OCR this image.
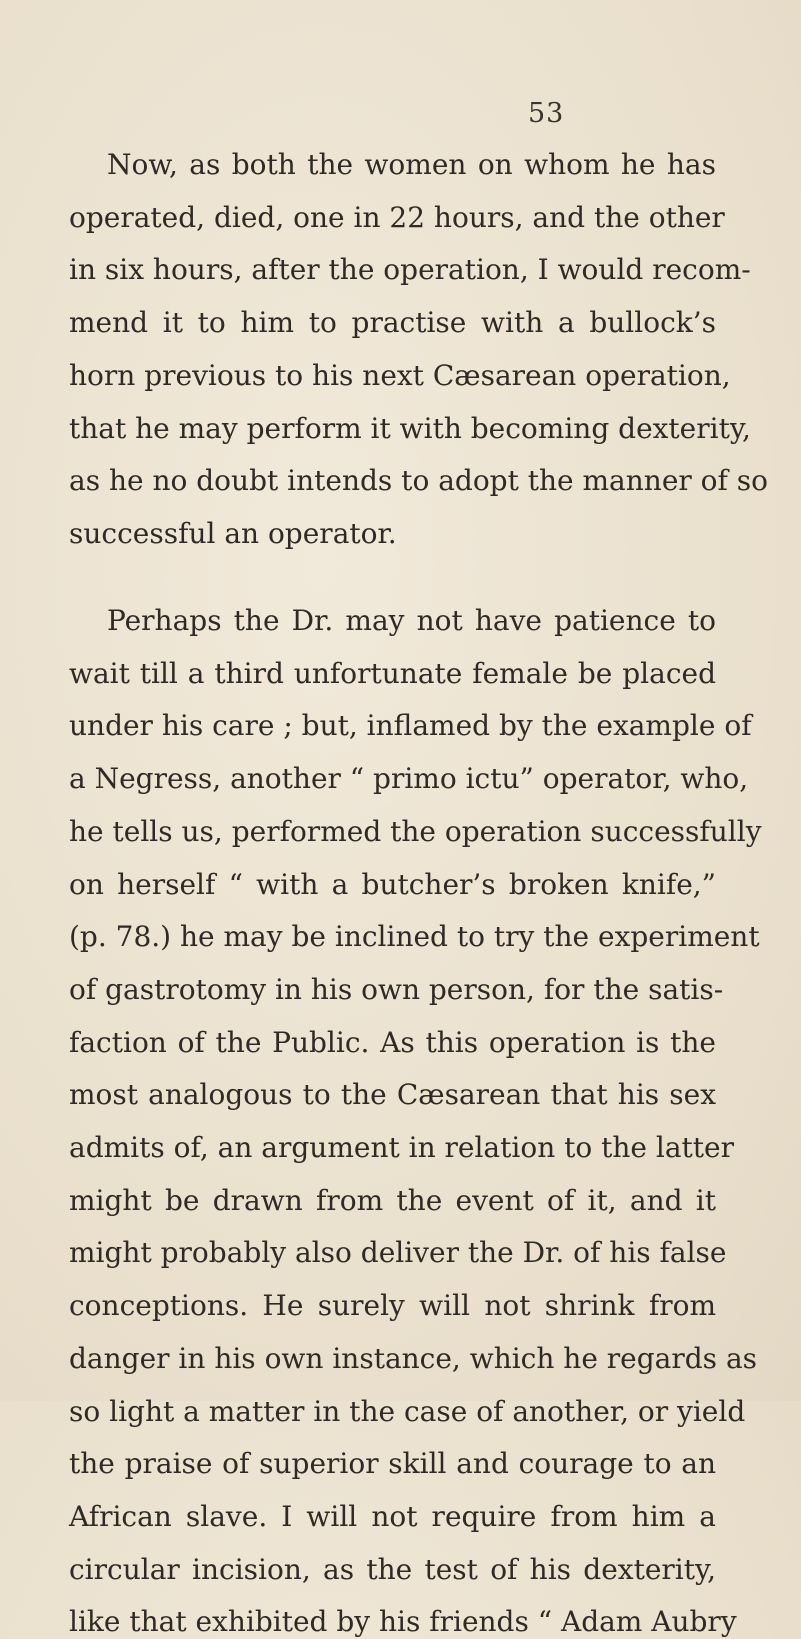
53
Now, as both the women on whom he has
operated, died, one in 22 hours, and the other
in six hours, after the operation, I would recom-
mend it to him to practise with a bullock’s
horn previous to his next Cæsarean operation,
that he may perform it with becoming dexterity,
as he no doubt intends to adopt the manner of so
successful an operator.
Perhaps the Dr. may not have patience to
wait till a third unfortunate female be placed
under his care ; but, inflamed by the example of
a Negress, another “ primo ictu” operator, who,
he tells us, performed the operation successfully
on herself “ with a butcher’s broken knife,”
(p. 78.) he may be inclined to try the experiment
of gastrotomy in his own person, for the satis-
faction of the Public. As this operation is the
most analogous to the Cæsarean that his sex
admits of, an argument in relation to the latter
might be drawn from the event of it, and it
might probably also deliver the Dr. of his false
conceptions. He surely will not shrink from
danger in his own instance, which he regards as
so light a matter in the case of another, or yield
the praise of superior skill and courage to an
African slave. I will not require from him a
circular incision, as the test of his dexterity,
like that exhibited by his friends “ Adam Aubry
